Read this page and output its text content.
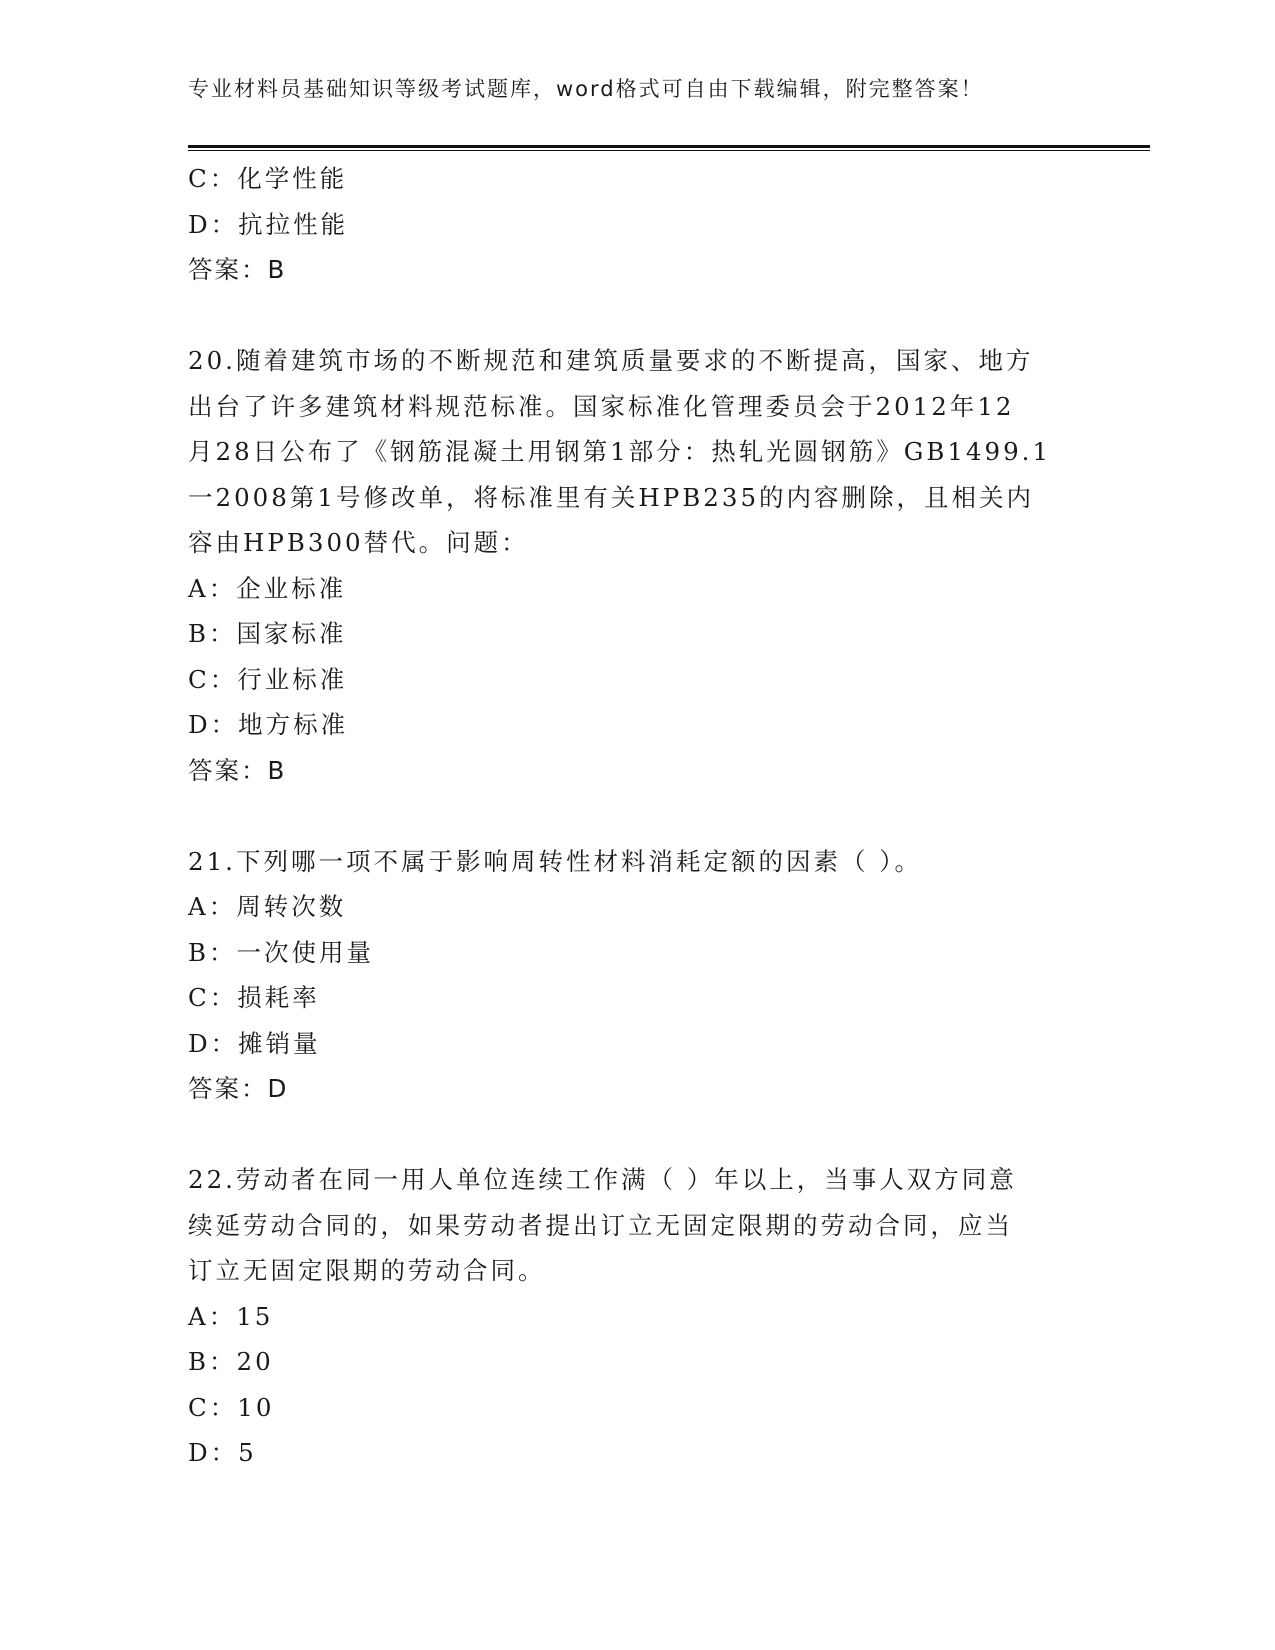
专业材料员基础知识等级考试题库，word格式可自由下载编辑，附完整答案！
C：化学性能
D：抗拉性能
答案：B
20.随着建筑市场的不断规范和建筑质量要求的不断提高，国家、地方
出台了许多建筑材料规范标准。国家标准化管理委员会于2012年12
月28日公布了《钢筋混凝土用钢第1部分：热轧光圆钢筋》GB1499.1
一2008第1号修改单，将标准里有关HPB235的内容删除，且相关内
容由HPB300替代。问题：
A：企业标准
B：国家标准
C：行业标准
D：地方标准
答案：B
21.下列哪一项不属于影响周转性材料消耗定额的因素（ ）。
A：周转次数
B：一次使用量
C：损耗率
D：摊销量
答案：D
22.劳动者在同一用人单位连续工作满（ ）年以上，当事人双方同意
续延劳动合同的，如果劳动者提出订立无固定限期的劳动合同，应当
订立无固定限期的劳动合同。
A：15
B：20
C：10
D：5
